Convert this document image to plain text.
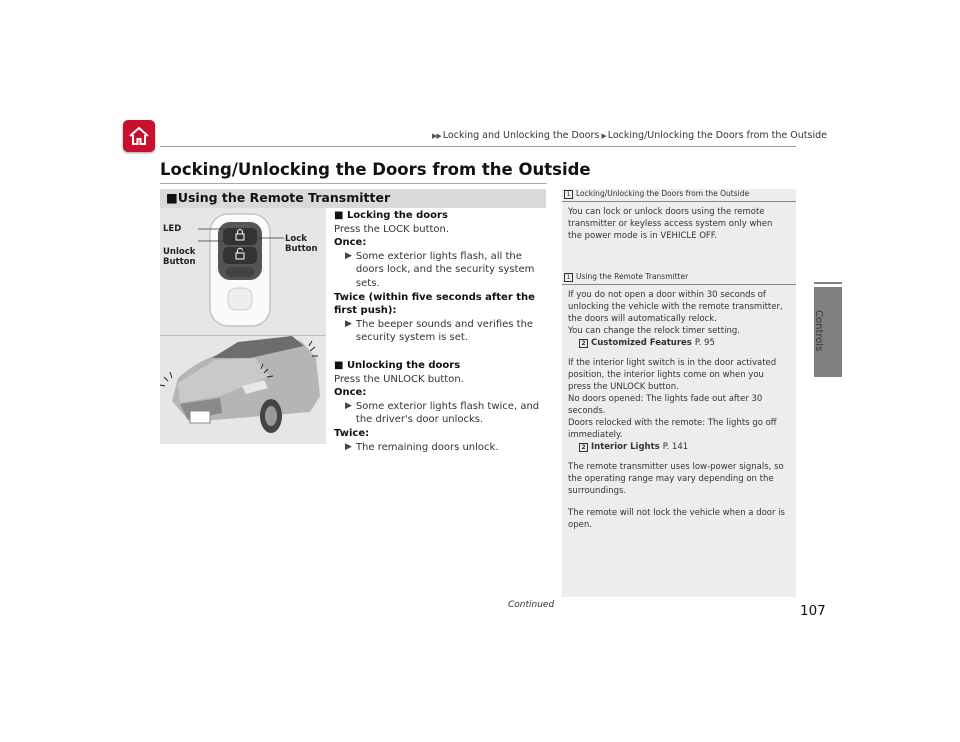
▶▶ Locking and Unlocking the Doors ▶ Locking/Unlocking the Doors from the Outside
Controls
Locking/Unlocking the Doors from the Outside
■Using the Remote Transmitter
LED
Unlock
Button
Lock
Button
■ Locking the doors
Press the LOCK button.
Once:
▶ Some exterior lights flash, all the doors lock, and the security system sets.
Twice (within five seconds after the first push):
▶ The beeper sounds and verifies the security system is set.
■ Unlocking the doors
Press the UNLOCK button.
Once:
▶ Some exterior lights flash twice, and the driver's door unlocks.
Twice:
▶ The remaining doors unlock.
1 Locking/Unlocking the Doors from the Outside
You can lock or unlock doors using the remote transmitter or keyless access system only when the power mode is in VEHICLE OFF.
1 Using the Remote Transmitter
If you do not open a door within 30 seconds of unlocking the vehicle with the remote transmitter, the doors will automatically relock.
You can change the relock timer setting.
2 Customized Features P. 95
If the interior light switch is in the door activated position, the interior lights come on when you press the UNLOCK button.
No doors opened: The lights fade out after 30 seconds.
Doors relocked with the remote: The lights go off immediately.
2 Interior Lights P. 141
The remote transmitter uses low-power signals, so the operating range may vary depending on the surroundings.
The remote will not lock the vehicle when a door is open.
Continued	107
